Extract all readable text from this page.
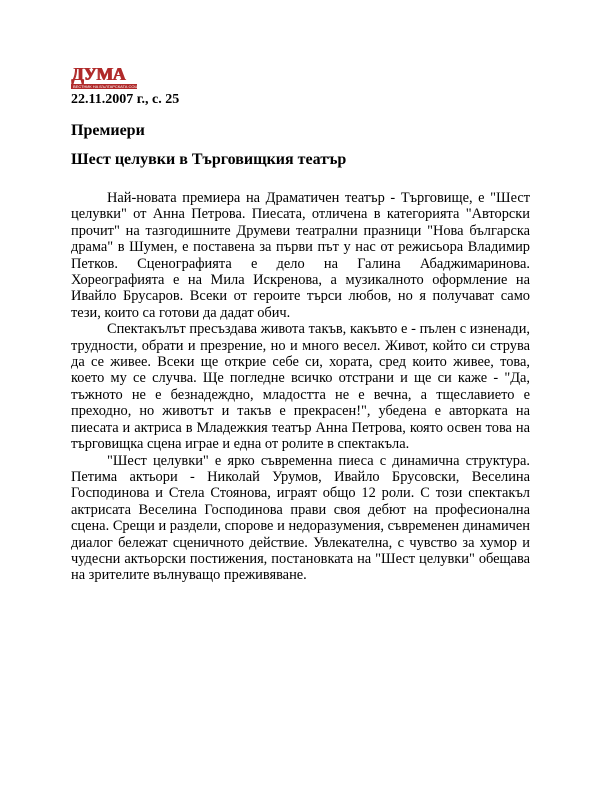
ДУМА
ВЕСТНИК НА БЪЛГАРСКАТА СОЦИАЛИСТИЧЕСКА ПАРТИЯ
22.11.2007 г., с. 25
Премиери
Шест целувки в Търговищкия театър

Най-новата премиера на Драматичен театър - Търговище, е "Шест целувки" от Анна Петрова. Пиесата, отличена в категорията "Авторски прочит" на тазгодишните Друмеви театрални празници "Нова българска драма" в Шумен, е поставена за първи път у нас от режисьора Владимир Петков. Сценографията е дело на Галина Абаджимаринова. Хореографията е на Мила Искренова, а музикалното оформление на Ивайло Брусаров. Всеки от героите търси любов, но я получават само тези, които са готови да дадат обич.

Спектакълът пресъздава живота такъв, какъвто е - пълен с изненади, трудности, обрати и презрение, но и много весел. Живот, който си струва да се живее. Всеки ще открие себе си, хората, сред които живее, това, което му се случва. Ще погледне всичко отстрани и ще си каже - "Да, тъжното не е безнадеждно, младостта не е вечна, а тщеславието е преходно, но животът и такъв е прекрасен!", убедена е авторката на пиесата и актриса в Младежкия театър Анна Петрова, която освен това на търговищка сцена играе и една от ролите в спектакъла.

"Шест целувки" е ярко съвременна пиеса с динамична структура. Петима актьори - Николай Урумов, Ивайло Брусовски, Веселина Господинова и Стела Стоянова, играят общо 12 роли. С този спектакъл актрисата Веселина Господинова прави своя дебют на професионална сцена. Срещи и раздели, спорове и недоразумения, съвременен динамичен диалог бележат сценичното действие. Увлекателна, с чувство за хумор и чудесни актьорски постижения, постановката на "Шест целувки" обещава на зрителите вълнуващо преживяване.
